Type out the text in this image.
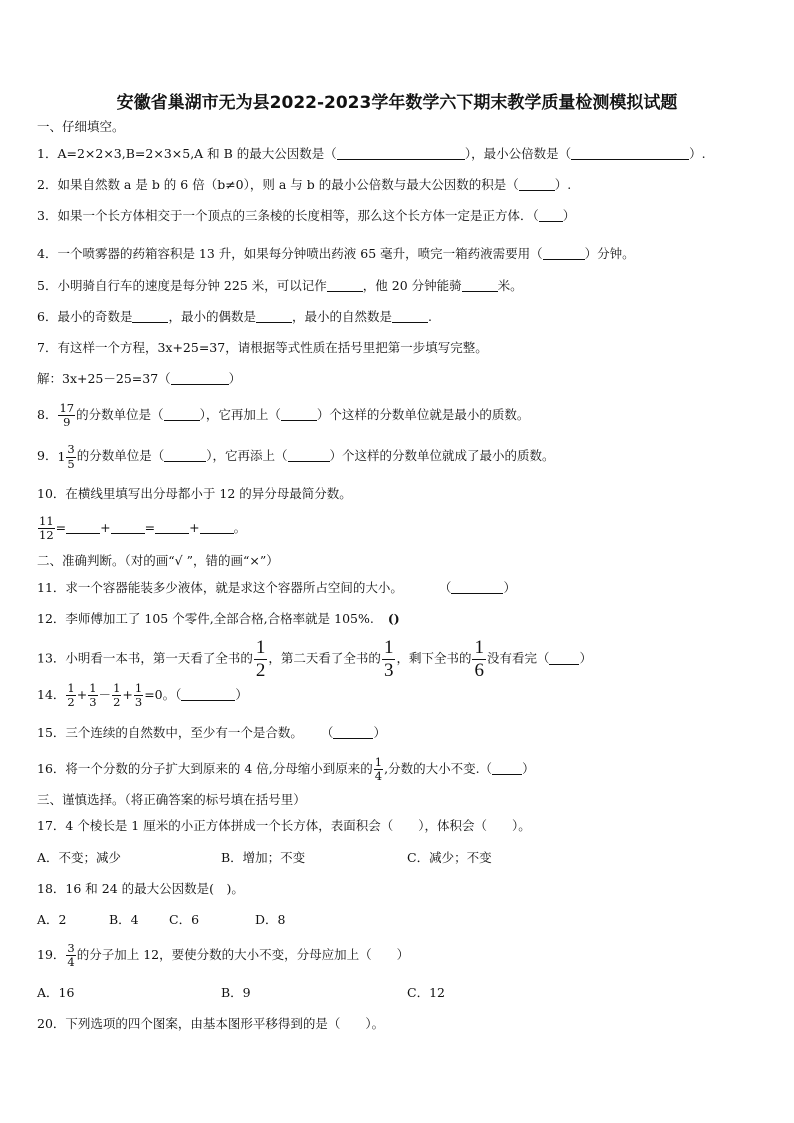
安徽省巢湖市无为县2022-2023学年数学六下期末教学质量检测模拟试题
一、仔细填空。
1．A=2×2×3,B=2×3×5,A 和 B 的最大公因数是（	），最小公倍数是（	）.
2．如果自然数 a 是 b 的 6 倍（b≠0），则 a 与 b 的最小公倍数与最大公因数的积是（	）.
3．如果一个长方体相交于一个顶点的三条棱的长度相等，那么这个长方体一定是正方体．（ ）
4．一个喷雾器的药箱容积是 13 升，如果每分钟喷出药液 65 毫升，喷完一箱药液需要用（	）分钟。
5．小明骑自行车的速度是每分钟 225 米，可以记作	，他 20 分钟能骑	米。
6．最小的奇数是	，最小的偶数是	，最小的自然数是	.
7．有这样一个方程，3x+25=37，请根据等式性质在括号里把第一步填写完整。
解：3x+25－25=37（	）
8． $\frac{17}{9}$ 的分数单位是（	），它再加上（	）个这样的分数单位就是最小的质数。
9．$1 \frac{3}{5}$ 的分数单位是（	），它再添上（	）个这样的分数单位就成了最小的质数。
10．在横线里填写出分母都小于 12 的异分母最简分数。
$\frac{11}{12}$ =	+	=	+	。
二、准确判断。（对的画“√ ”，错的画“×”）
11．求一个容器能装多少液体，就是求这个容器所占空间的大小。	（	）
12．李师傅加工了 105 个零件,全部合格,合格率就是 105%. ()
13．小明看一本书，第一天看了全书的 $\frac{1}{2}$ ，第二天看了全书的 $\frac{1}{3}$ ，剩下全书的 $\frac{1}{6}$ 没有看完（ ）
14． $\frac{1}{2} + \frac{1}{3} - \frac{1}{2} + \frac{1}{3} =0$。（	）
15．三个连续的自然数中，至少有一个是合数。 （	）
16．将一个分数的分子扩大到原来的 4 倍,分母缩小到原来的 $\frac{1}{4}$ ,分数的大小不变.（ ）
三、谨慎选择。（将正确答案的标号填在括号里）
17．4 个棱长是 1 厘米的小正方体拼成一个长方体，表面积会（　　），体积会（　　）。
A．不变；减少	B．增加；不变	C．减少；不变
18．16 和 24 的最大公因数是(　)。
A．2	B．4 C．6	D．8
19． $\frac{3}{4}$ 的分子加上 12，要使分数的大小不变，分母应加上（　　）
A．16	B．9	C．12
20．下列选项的四个图案，由基本图形平移得到的是（　　）。
